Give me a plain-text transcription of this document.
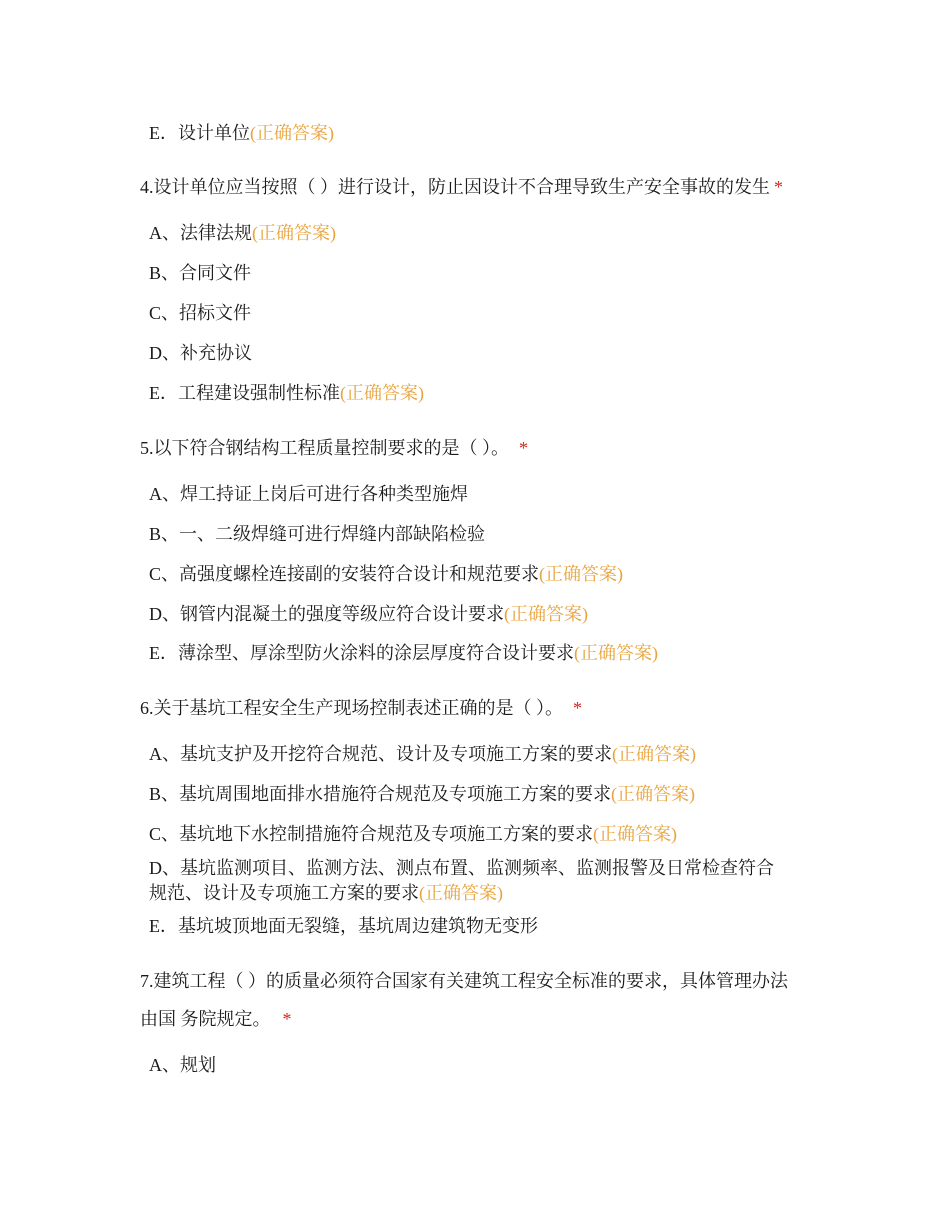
E．设计单位(正确答案)
4.设计单位应当按照（ ）进行设计，防止因设计不合理导致生产安全事故的发生 *
A、法律法规(正确答案)
B、合同文件
C、招标文件
D、补充协议
E．工程建设强制性标准(正确答案)
5.以下符合钢结构工程质量控制要求的是（ ）。 *
A、焊工持证上岗后可进行各种类型施焊
B、一、二级焊缝可进行焊缝内部缺陷检验
C、高强度螺栓连接副的安装符合设计和规范要求(正确答案)
D、钢管内混凝土的强度等级应符合设计要求(正确答案)
E．薄涂型、厚涂型防火涂料的涂层厚度符合设计要求(正确答案)
6.关于基坑工程安全生产现场控制表述正确的是（ ）。 *
A、基坑支护及开挖符合规范、设计及专项施工方案的要求(正确答案)
B、基坑周围地面排水措施符合规范及专项施工方案的要求(正确答案)
C、基坑地下水控制措施符合规范及专项施工方案的要求(正确答案)
D、基坑监测项目、监测方法、测点布置、监测频率、监测报警及日常检查符合
规范、设计及专项施工方案的要求(正确答案)
E．基坑坡顶地面无裂缝，基坑周边建筑物无变形
7.建筑工程（ ）的质量必须符合国家有关建筑工程安全标准的要求，具体管理办法
由国 务院规定。 *
A、规划
